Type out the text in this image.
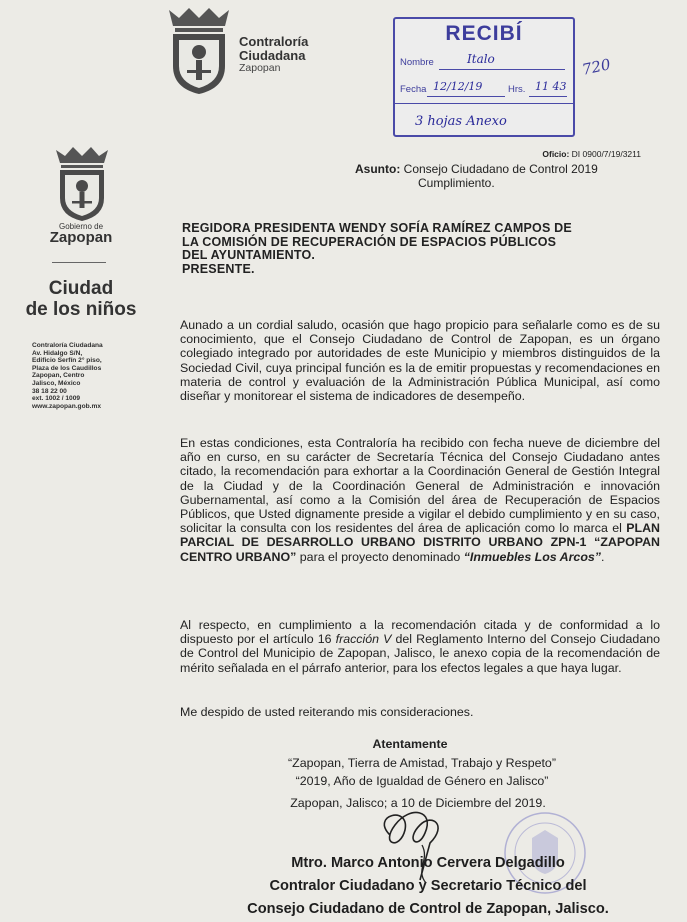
Contraloría
Ciudadana
Zapopan
RECIBÍ
Nombre	Italo
Fecha 12/12/19	Hrs. 11 43
3 hojas Anexo
720
Gobierno de
Zapopan
Ciudad
de los niños
Contraloría Ciudadana
Av. Hidalgo S/N,
Edificio Serfín 2° piso,
Plaza de los Caudillos
Zapopan, Centro
Jalisco, México
38 18 22 00
ext. 1002 / 1009
www.zapopan.gob.mx
Oficio: DI 0900/7/19/3211
Asunto: Consejo Ciudadano de Control 2019
Cumplimiento.
REGIDORA PRESIDENTA WENDY SOFÍA RAMÍREZ CAMPOS DE
LA COMISIÓN DE RECUPERACIÓN DE ESPACIOS PÚBLICOS
DEL AYUNTAMIENTO.
PRESENTE.
Aunado a un cordial saludo, ocasión que hago propicio para señalarle como es de su conocimiento, que el Consejo Ciudadano de Control de Zapopan, es un órgano colegiado integrado por autoridades de este Municipio y miembros distinguidos de la Sociedad Civil, cuya principal función es la de emitir propuestas y recomendaciones en materia de control y evaluación de la Administración Pública Municipal, así como diseñar y monitorear el sistema de indicadores de desempeño.
En estas condiciones, esta Contraloría ha recibido con fecha nueve de diciembre del año en curso, en su carácter de Secretaría Técnica del Consejo Ciudadano antes citado, la recomendación para exhortar a la Coordinación General de Gestión Integral de la Ciudad y de la Coordinación General de Administración e innovación Gubernamental, así como a la Comisión del área de Recuperación de Espacios Públicos, que Usted dignamente preside a vigilar el debido cumplimiento y en su caso, solicitar la consulta con los residentes del área de aplicación como lo marca el PLAN PARCIAL DE DESARROLLO URBANO DISTRITO URBANO ZPN-1 “ZAPOPAN CENTRO URBANO” para el proyecto denominado “Inmuebles Los Arcos”.
Al respecto, en cumplimiento a la recomendación citada y de conformidad a lo dispuesto por el artículo 16 fracción V del Reglamento Interno del Consejo Ciudadano de Control del Municipio de Zapopan, Jalisco, le anexo copia de la recomendación de mérito señalada en el párrafo anterior, para los efectos legales a que haya lugar.
Me despido de usted reiterando mis consideraciones.
Atentamente
“Zapopan, Tierra de Amistad, Trabajo y Respeto”
“2019, Año de Igualdad de Género en Jalisco”
Zapopan, Jalisco; a 10 de Diciembre del 2019.
Mtro. Marco Antonio Cervera Delgadillo
Contralor Ciudadano y Secretario Técnico del
Consejo Ciudadano de Control de Zapopan, Jalisco.
